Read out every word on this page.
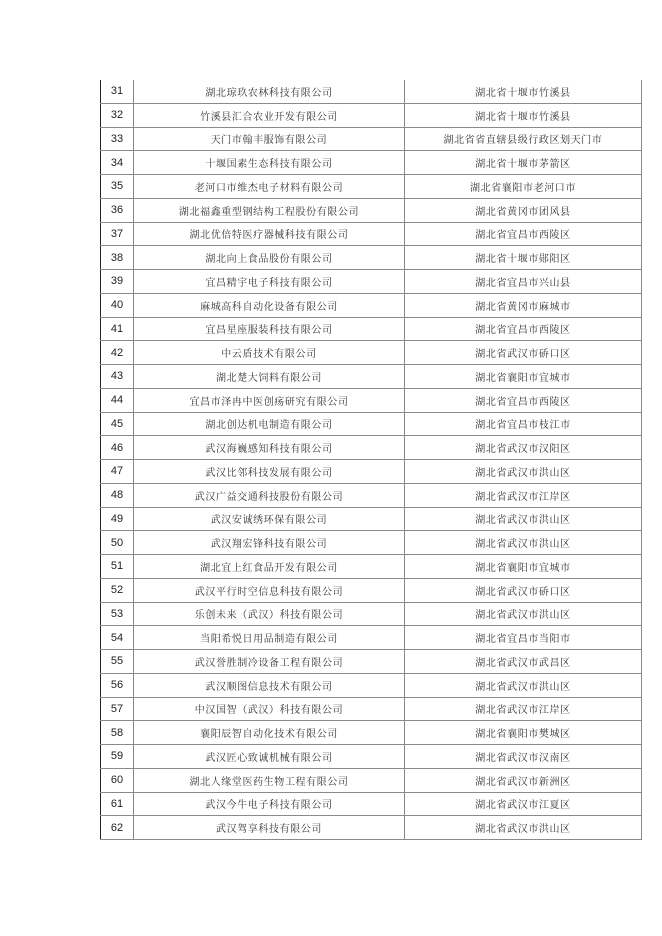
31	湖北琼玖农林科技有限公司	湖北省十堰市竹溪县
32	竹溪县汇合农业开发有限公司	湖北省十堰市竹溪县
33	天门市翰丰服饰有限公司	湖北省省直辖县级行政区划天门市
34	十堰国素生态科技有限公司	湖北省十堰市茅箭区
35	老河口市维杰电子材料有限公司	湖北省襄阳市老河口市
36	湖北福鑫重型钢结构工程股份有限公司	湖北省黄冈市团风县
37	湖北优倍特医疗器械科技有限公司	湖北省宜昌市西陵区
38	湖北向上食品股份有限公司	湖北省十堰市郧阳区
39	宜昌精宇电子科技有限公司	湖北省宜昌市兴山县
40	麻城高科自动化设备有限公司	湖北省黄冈市麻城市
41	宜昌星座服装科技有限公司	湖北省宜昌市西陵区
42	中云盾技术有限公司	湖北省武汉市硚口区
43	湖北楚大饲料有限公司	湖北省襄阳市宜城市
44	宜昌市泽冉中医创疡研究有限公司	湖北省宜昌市西陵区
45	湖北创达机电制造有限公司	湖北省宜昌市枝江市
46	武汉海巍感知科技有限公司	湖北省武汉市汉阳区
47	武汉比邻科技发展有限公司	湖北省武汉市洪山区
48	武汉广益交通科技股份有限公司	湖北省武汉市江岸区
49	武汉安诚绣环保有限公司	湖北省武汉市洪山区
50	武汉翔宏锋科技有限公司	湖北省武汉市洪山区
51	湖北宜上红食品开发有限公司	湖北省襄阳市宜城市
52	武汉平行时空信息科技有限公司	湖北省武汉市硚口区
53	乐创未来（武汉）科技有限公司	湖北省武汉市洪山区
54	当阳希悦日用品制造有限公司	湖北省宜昌市当阳市
55	武汉誉胜制冷设备工程有限公司	湖北省武汉市武昌区
56	武汉顺图信息技术有限公司	湖北省武汉市洪山区
57	中汉国智（武汉）科技有限公司	湖北省武汉市江岸区
58	襄阳辰智自动化技术有限公司	湖北省襄阳市樊城区
59	武汉匠心致诚机械有限公司	湖北省武汉市汉南区
60	湖北人缘堂医药生物工程有限公司	湖北省武汉市新洲区
61	武汉今牛电子科技有限公司	湖北省武汉市江夏区
62	武汉驾享科技有限公司	湖北省武汉市洪山区
